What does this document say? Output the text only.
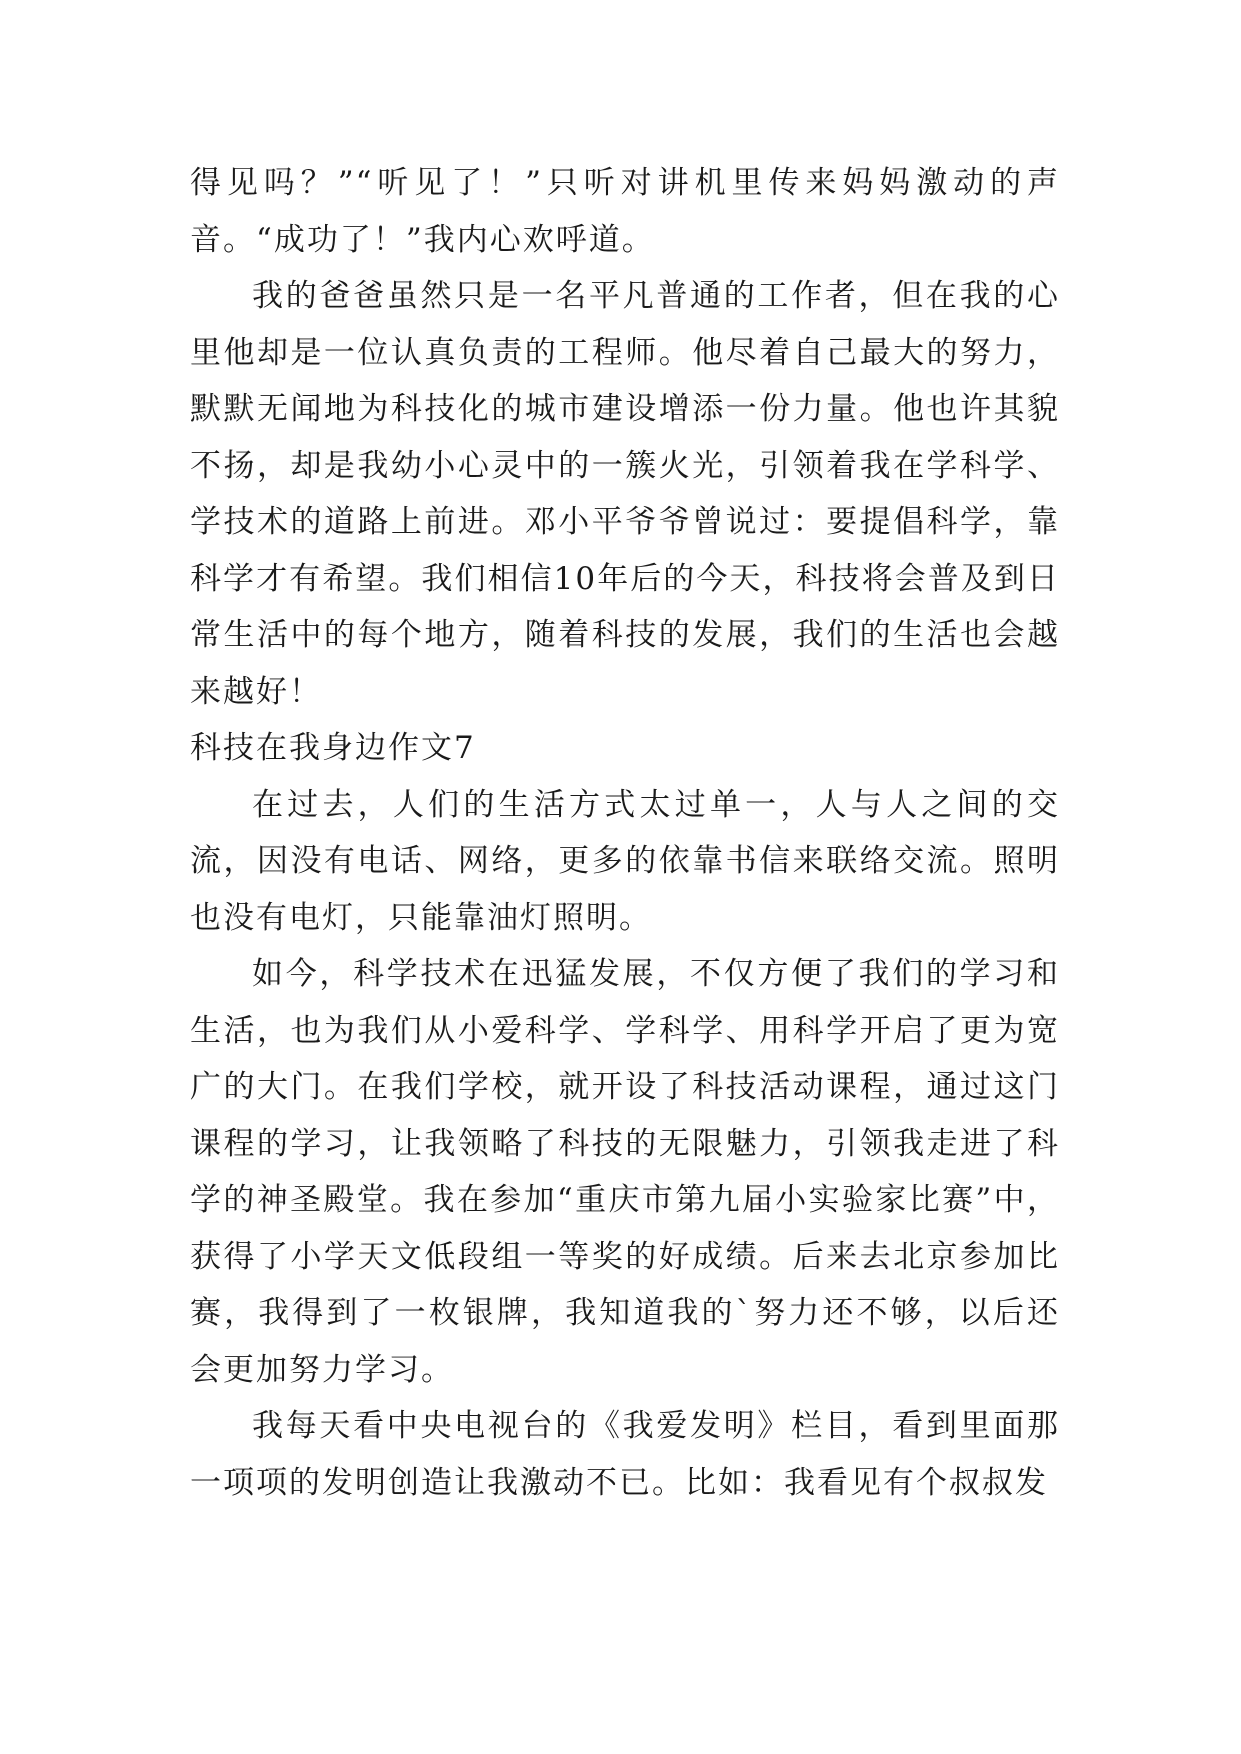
得见吗？”“听见了！”只听对讲机里传来妈妈激动的声音。“成功了！”我内心欢呼道。

我的爸爸虽然只是一名平凡普通的工作者，但在我的心里他却是一位认真负责的工程师。他尽着自己最大的努力，默默无闻地为科技化的城市建设增添一份力量。他也许其貌不扬，却是我幼小心灵中的一簇火光，引领着我在学科学、学技术的道路上前进。邓小平爷爷曾说过：要提倡科学，靠科学才有希望。我们相信10年后的今天，科技将会普及到日常生活中的每个地方，随着科技的发展，我们的生活也会越来越好！

科技在我身边作文7

在过去，人们的生活方式太过单一，人与人之间的交流，因没有电话、网络，更多的依靠书信来联络交流。照明也没有电灯，只能靠油灯照明。

如今，科学技术在迅猛发展，不仅方便了我们的学习和生活，也为我们从小爱科学、学科学、用科学开启了更为宽广的大门。在我们学校，就开设了科技活动课程，通过这门课程的学习，让我领略了科技的无限魅力，引领我走进了科学的神圣殿堂。我在参加“重庆市第九届小实验家比赛”中，获得了小学天文低段组一等奖的好成绩。后来去北京参加比赛，我得到了一枚银牌，我知道我的`努力还不够，以后还会更加努力学习。

我每天看中央电视台的《我爱发明》栏目，看到里面那一项项的发明创造让我激动不已。比如：我看见有个叔叔发
